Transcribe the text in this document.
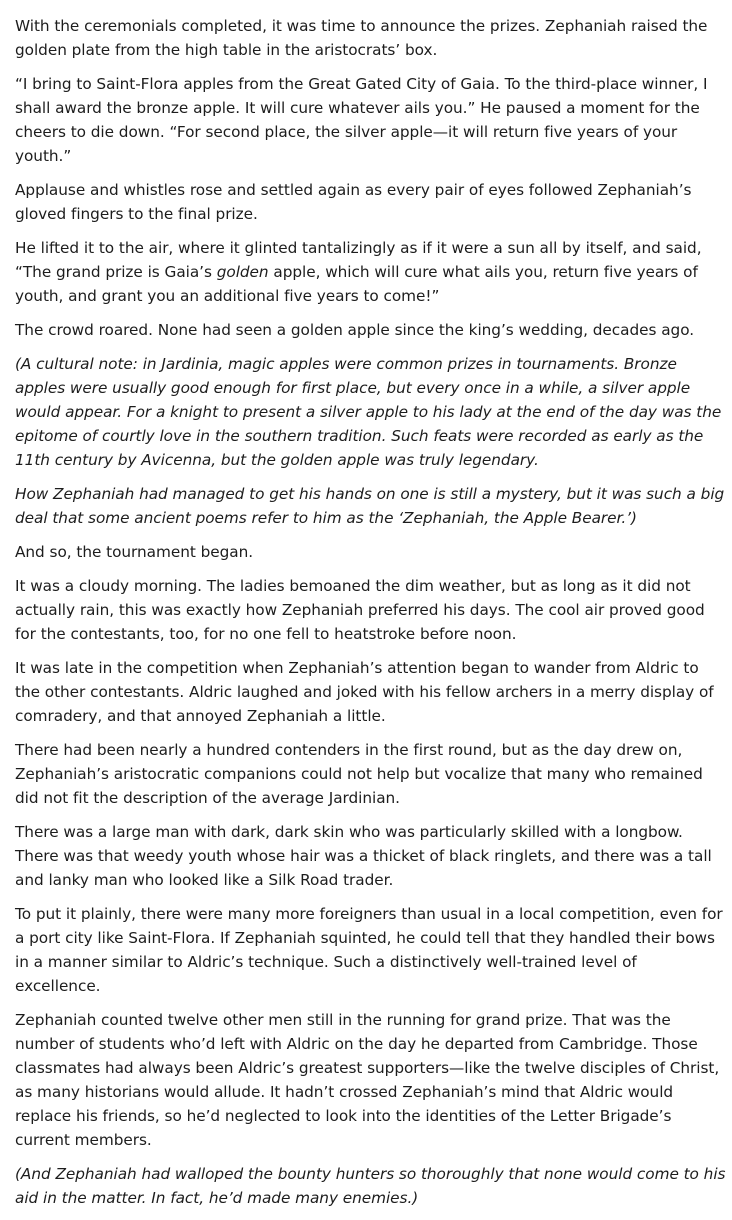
With the ceremonials completed, it was time to announce the prizes. Zephaniah raised the golden plate from the high table in the aristocrats’ box.

“I bring to Saint-Flora apples from the Great Gated City of Gaia. To the third-place winner, I shall award the bronze apple. It will cure whatever ails you.” He paused a moment for the cheers to die down. “For second place, the silver apple—it will return five years of your youth.”

Applause and whistles rose and settled again as every pair of eyes followed Zephaniah’s gloved fingers to the final prize.

He lifted it to the air, where it glinted tantalizingly as if it were a sun all by itself, and said, “The grand prize is Gaia’s golden apple, which will cure what ails you, return five years of youth, and grant you an additional five years to come!”

The crowd roared. None had seen a golden apple since the king’s wedding, decades ago.

(A cultural note: in Jardinia, magic apples were common prizes in tournaments. Bronze apples were usually good enough for first place, but every once in a while, a silver apple would appear. For a knight to present a silver apple to his lady at the end of the day was the epitome of courtly love in the southern tradition. Such feats were recorded as early as the 11th century by Avicenna, but the golden apple was truly legendary.

How Zephaniah had managed to get his hands on one is still a mystery, but it was such a big deal that some ancient poems refer to him as the ‘Zephaniah, the Apple Bearer.’)

And so, the tournament began.

It was a cloudy morning. The ladies bemoaned the dim weather, but as long as it did not actually rain, this was exactly how Zephaniah preferred his days. The cool air proved good for the contestants, too, for no one fell to heatstroke before noon.

It was late in the competition when Zephaniah’s attention began to wander from Aldric to the other contestants. Aldric laughed and joked with his fellow archers in a merry display of comradery, and that annoyed Zephaniah a little.

There had been nearly a hundred contenders in the first round, but as the day drew on, Zephaniah’s aristocratic companions could not help but vocalize that many who remained did not fit the description of the average Jardinian.

There was a large man with dark, dark skin who was particularly skilled with a longbow. There was that weedy youth whose hair was a thicket of black ringlets, and there was a tall and lanky man who looked like a Silk Road trader.

To put it plainly, there were many more foreigners than usual in a local competition, even for a port city like Saint-Flora. If Zephaniah squinted, he could tell that they handled their bows in a manner similar to Aldric’s technique. Such a distinctively well-trained level of excellence.

Zephaniah counted twelve other men still in the running for grand prize. That was the number of students who’d left with Aldric on the day he departed from Cambridge. Those classmates had always been Aldric’s greatest supporters—like the twelve disciples of Christ, as many historians would allude. It hadn’t crossed Zephaniah’s mind that Aldric would replace his friends, so he’d neglected to look into the identities of the Letter Brigade’s current members.

(And Zephaniah had walloped the bounty hunters so thoroughly that none would come to his aid in the matter. In fact, he’d made many enemies.)
